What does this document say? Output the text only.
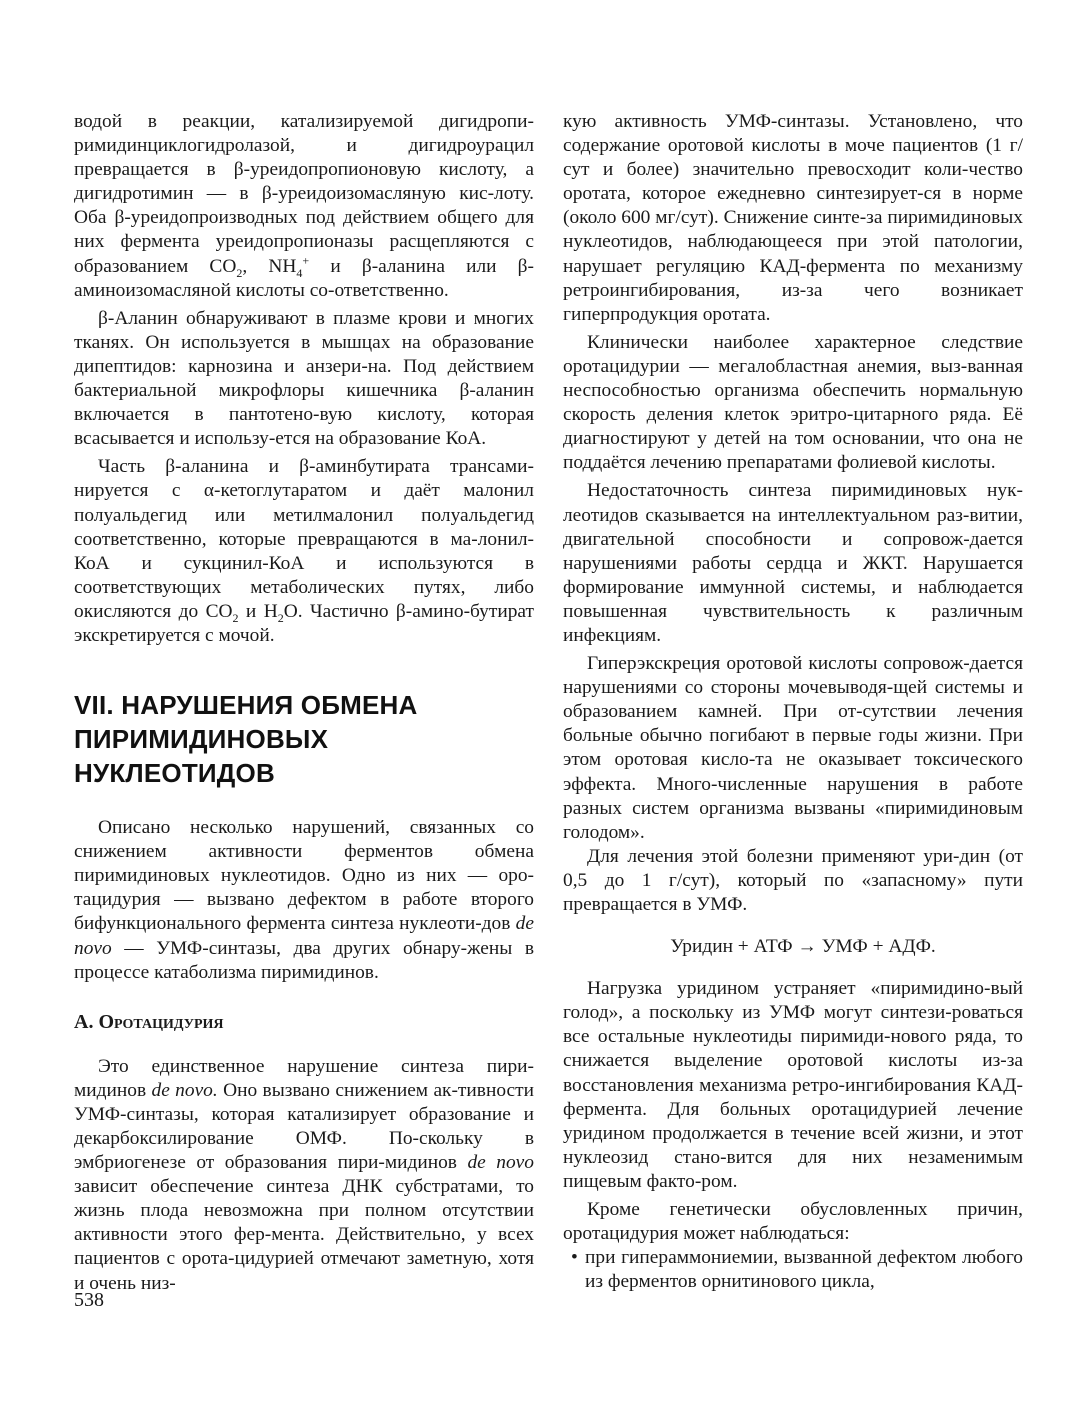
водой в реакции, катализируемой дигидропи-римидинциклогидролазой, и дигидроурацил превращается в β-уреидопропионовую кислоту, а дигидротимин — в β-уреидоизомасляную кис-лоту. Оба β-уреидопроизводных под действием общего для них фермента уреидопропионазы расщепляются с образованием $CO_2$, $NH_4^+$ и β-аланина или β-аминоизомасляной кислоты со-ответственно.

β-Аланин обнаруживают в плазме крови и многих тканях. Он используется в мышцах на образование дипептидов: карнозина и анзери-на. Под действием бактериальной микрофлоры кишечника β-аланин включается в пантотено-вую кислоту, которая всасывается и использу-ется на образование КоА.

Часть β-аланина и β-аминбутирата трансами-нируется с α-кетоглутаратом и даёт малонил полуальдегид или метилмалонил полуальдегид соответственно, которые превращаются в ма-лонил-КоА и сукцинил-КоА и используются в соответствующих метаболических путях, либо окисляются до $CO_2$ и $H_2O$. Частично β-амино-бутират экскретируется с мочой.

VII. НАРУШЕНИЯ ОБМЕНА
ПИРИМИДИНОВЫХ
НУКЛЕОТИДОВ

Описано несколько нарушений, связанных со снижением активности ферментов обмена пиримидиновых нуклеотидов. Одно из них — оро-тацидурия — вызвано дефектом в работе второго бифункционального фермента синтеза нуклеоти-дов de novo — УМФ-синтазы, два других обнару-жены в процессе катаболизма пиримидинов.

А. Оротацидурия

Это единственное нарушение синтеза пири-мидинов de novo. Оно вызвано снижением ак-тивности УМФ-синтазы, которая катализирует образование и декарбоксилирование ОМФ. По-скольку в эмбриогенезе от образования пири-мидинов de novo зависит обеспечение синтеза ДНК субстратами, то жизнь плода невозможна при полном отсутствии активности этого фер-мента. Действительно, у всех пациентов с орота-цидурией отмечают заметную, хотя и очень низ-

кую активность УМФ-синтазы. Установлено, что содержание оротовой кислоты в моче пациентов (1 г/сут и более) значительно превосходит коли-чество оротата, которое ежедневно синтезирует-ся в норме (около 600 мг/сут). Снижение синте-за пиримидиновых нуклеотидов, наблюдающееся при этой патологии, нарушает регуляцию КАД-фермента по механизму ретроингибирования, из-за чего возникает гиперпродукция оротата.

Клинически наиболее характерное следствие оротацидурии — мегалобластная анемия, выз-ванная неспособностью организма обеспечить нормальную скорость деления клеток эритро-цитарного ряда. Её диагностируют у детей на том основании, что она не поддаётся лечению препаратами фолиевой кислоты.

Недостаточность синтеза пиримидиновых нук-леотидов сказывается на интеллектуальном раз-витии, двигательной способности и сопровож-дается нарушениями работы сердца и ЖКТ. Нарушается формирование иммунной системы, и наблюдается повышенная чувствительность к различным инфекциям.

Гиперэкскреция оротовой кислоты сопровож-дается нарушениями со стороны мочевыводя-щей системы и образованием камней. При от-сутствии лечения больные обычно погибают в первые годы жизни. При этом оротовая кисло-та не оказывает токсического эффекта. Много-численные нарушения в работе разных систем организма вызваны «пиримидиновым голодом».

Для лечения этой болезни применяют ури-дин (от 0,5 до 1 г/сут), который по «запасному» пути превращается в УМФ.

Уридин + АТФ → УМФ + АДФ.

Нагрузка уридином устраняет «пиримидино-вый голод», а поскольку из УМФ могут синтези-роваться все остальные нуклеотиды пиримиди-нового ряда, то снижается выделение оротовой кислоты из-за восстановления механизма ретро-ингибирования КАД-фермента. Для больных оротацидурией лечение уридином продолжается в течение всей жизни, и этот нуклеозид стано-вится для них незаменимым пищевым факто-ром.

Кроме генетически обусловленных причин, оротацидурия может наблюдаться:

• при гипераммониемии, вызванной дефектом любого из ферментов орнитинового цикла,

538
